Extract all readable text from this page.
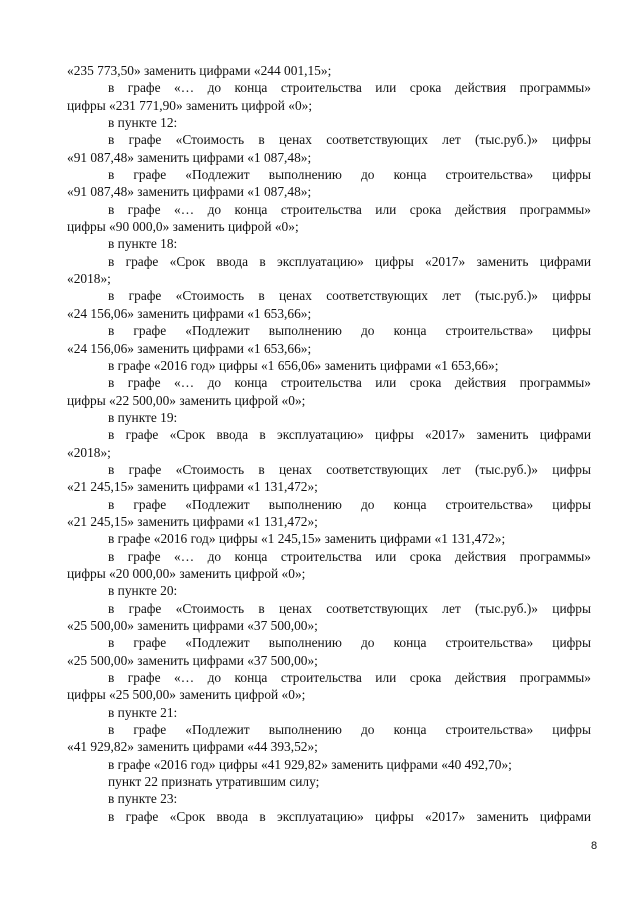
«235 773,50» заменить цифрами «244 001,15»;
в графе «… до конца строительства или срока действия программы»
цифры «231 771,90» заменить цифрой «0»;
в пункте 12:
в графе «Стоимость в ценах соответствующих лет (тыс.руб.)» цифры
«91 087,48» заменить цифрами «1 087,48»;
в графе «Подлежит выполнению до конца строительства» цифры
«91 087,48» заменить цифрами «1 087,48»;
в графе «… до конца строительства или срока действия программы»
цифры «90 000,0» заменить цифрой «0»;
в пункте 18:
в графе «Срок ввода в эксплуатацию» цифры «2017» заменить цифрами
«2018»;
в графе «Стоимость в ценах соответствующих лет (тыс.руб.)» цифры
«24 156,06» заменить цифрами «1 653,66»;
в графе «Подлежит выполнению до конца строительства» цифры
«24 156,06» заменить цифрами «1 653,66»;
в графе «2016 год» цифры «1 656,06» заменить цифрами «1 653,66»;
в графе «… до конца строительства или срока действия программы»
цифры «22 500,00» заменить цифрой «0»;
в пункте 19:
в графе «Срок ввода в эксплуатацию» цифры «2017» заменить цифрами
«2018»;
в графе «Стоимость в ценах соответствующих лет (тыс.руб.)» цифры
«21 245,15» заменить цифрами «1 131,472»;
в графе «Подлежит выполнению до конца строительства» цифры
«21 245,15» заменить цифрами «1 131,472»;
в графе «2016 год» цифры «1 245,15» заменить цифрами «1 131,472»;
в графе «… до конца строительства или срока действия программы»
цифры «20 000,00» заменить цифрой «0»;
в пункте 20:
в графе «Стоимость в ценах соответствующих лет (тыс.руб.)» цифры
«25 500,00» заменить цифрами «37 500,00»;
в графе «Подлежит выполнению до конца строительства» цифры
«25 500,00» заменить цифрами «37 500,00»;
в графе «… до конца строительства или срока действия программы»
цифры «25 500,00» заменить цифрой «0»;
в пункте 21:
в графе «Подлежит выполнению до конца строительства» цифры
«41 929,82» заменить цифрами «44 393,52»;
в графе «2016 год» цифры «41 929,82» заменить цифрами «40 492,70»;
пункт 22 признать утратившим силу;
в пункте 23:
в графе «Срок ввода в эксплуатацию» цифры «2017» заменить цифрами
8
